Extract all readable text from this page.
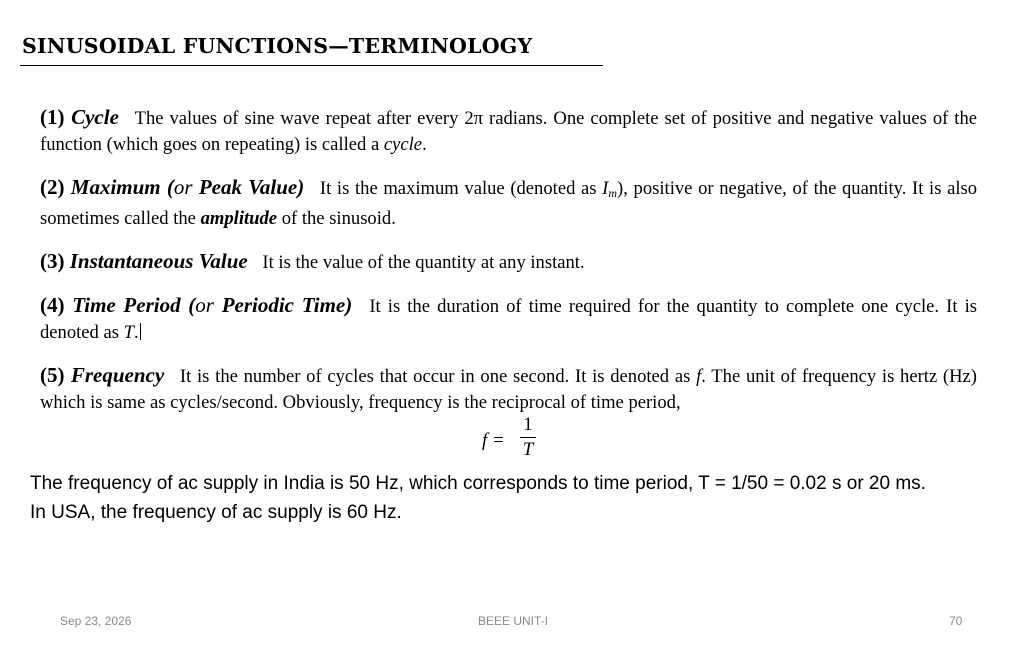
SINUSOIDAL FUNCTIONS—TERMINOLOGY

(1) Cycle The values of sine wave repeat after every 2π radians. One complete set of positive and negative values of the function (which goes on repeating) is called a cycle.

(2) Maximum (or Peak Value) It is the maximum value (denoted as $I_m$), positive or negative, of the quantity. It is also sometimes called the amplitude of the sinusoid.

(3) Instantaneous Value It is the value of the quantity at any instant.

(4) Time Period (or Periodic Time) It is the duration of time required for the quantity to complete one cycle. It is denoted as T.

(5) Frequency It is the number of cycles that occur in one second. It is denoted as f. The unit of frequency is hertz (Hz) which is same as cycles/second. Obviously, frequency is the reciprocal of time period,

f =
1
T

The frequency of ac supply in India is 50 Hz, which corresponds to time period, T = 1/50 = 0.02 s or 20 ms.

In USA, the frequency of ac supply is 60 Hz.

Sep 23, 2026	BEEE UNIT-I	70
